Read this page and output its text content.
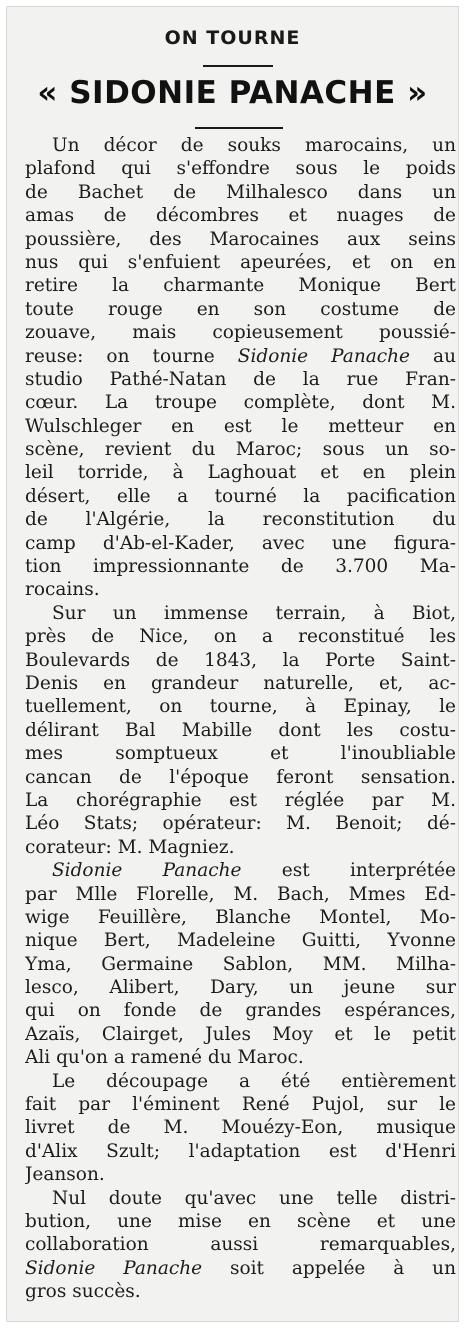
ON TOURNE
« SIDONIE PANACHE »
Un décor de souks marocains, un
plafond qui s'effondre sous le poids
de Bachet de Milhalesco dans un
amas de décombres et nuages de
poussière, des Marocaines aux seins
nus qui s'enfuient apeurées, et on en
retire la charmante Monique Bert
toute rouge en son costume de
zouave, mais copieusement poussié-
reuse: on tourne Sidonie Panache au
studio Pathé-Natan de la rue Fran-
cœur. La troupe complète, dont M.
Wulschleger en est le metteur en
scène, revient du Maroc; sous un so-
leil torride, à Laghouat et en plein
désert, elle a tourné la pacification
de l'Algérie, la reconstitution du
camp d'Ab-el-Kader, avec une figura-
tion impressionnante de 3.700 Ma-
rocains.
Sur un immense terrain, à Biot,
près de Nice, on a reconstitué les
Boulevards de 1843, la Porte Saint-
Denis en grandeur naturelle, et, ac-
tuellement, on tourne, à Epinay, le
délirant Bal Mabille dont les costu-
mes somptueux et l'inoubliable
cancan de l'époque feront sensation.
La chorégraphie est réglée par M.
Léo Stats; opérateur: M. Benoit; dé-
corateur: M. Magniez.
Sidonie Panache est interprétée
par Mlle Florelle, M. Bach, Mmes Ed-
wige Feuillère, Blanche Montel, Mo-
nique Bert, Madeleine Guitti, Yvonne
Yma, Germaine Sablon, MM. Milha-
lesco, Alibert, Dary, un jeune sur
qui on fonde de grandes espérances,
Azaïs, Clairget, Jules Moy et le petit
Ali qu'on a ramené du Maroc.
Le découpage a été entièrement
fait par l'éminent René Pujol, sur le
livret de M. Mouézy-Eon, musique
d'Alix Szult; l'adaptation est d'Henri
Jeanson.
Nul doute qu'avec une telle distri-
bution, une mise en scène et une
collaboration aussi remarquables,
Sidonie Panache soit appelée à un
gros succès.
